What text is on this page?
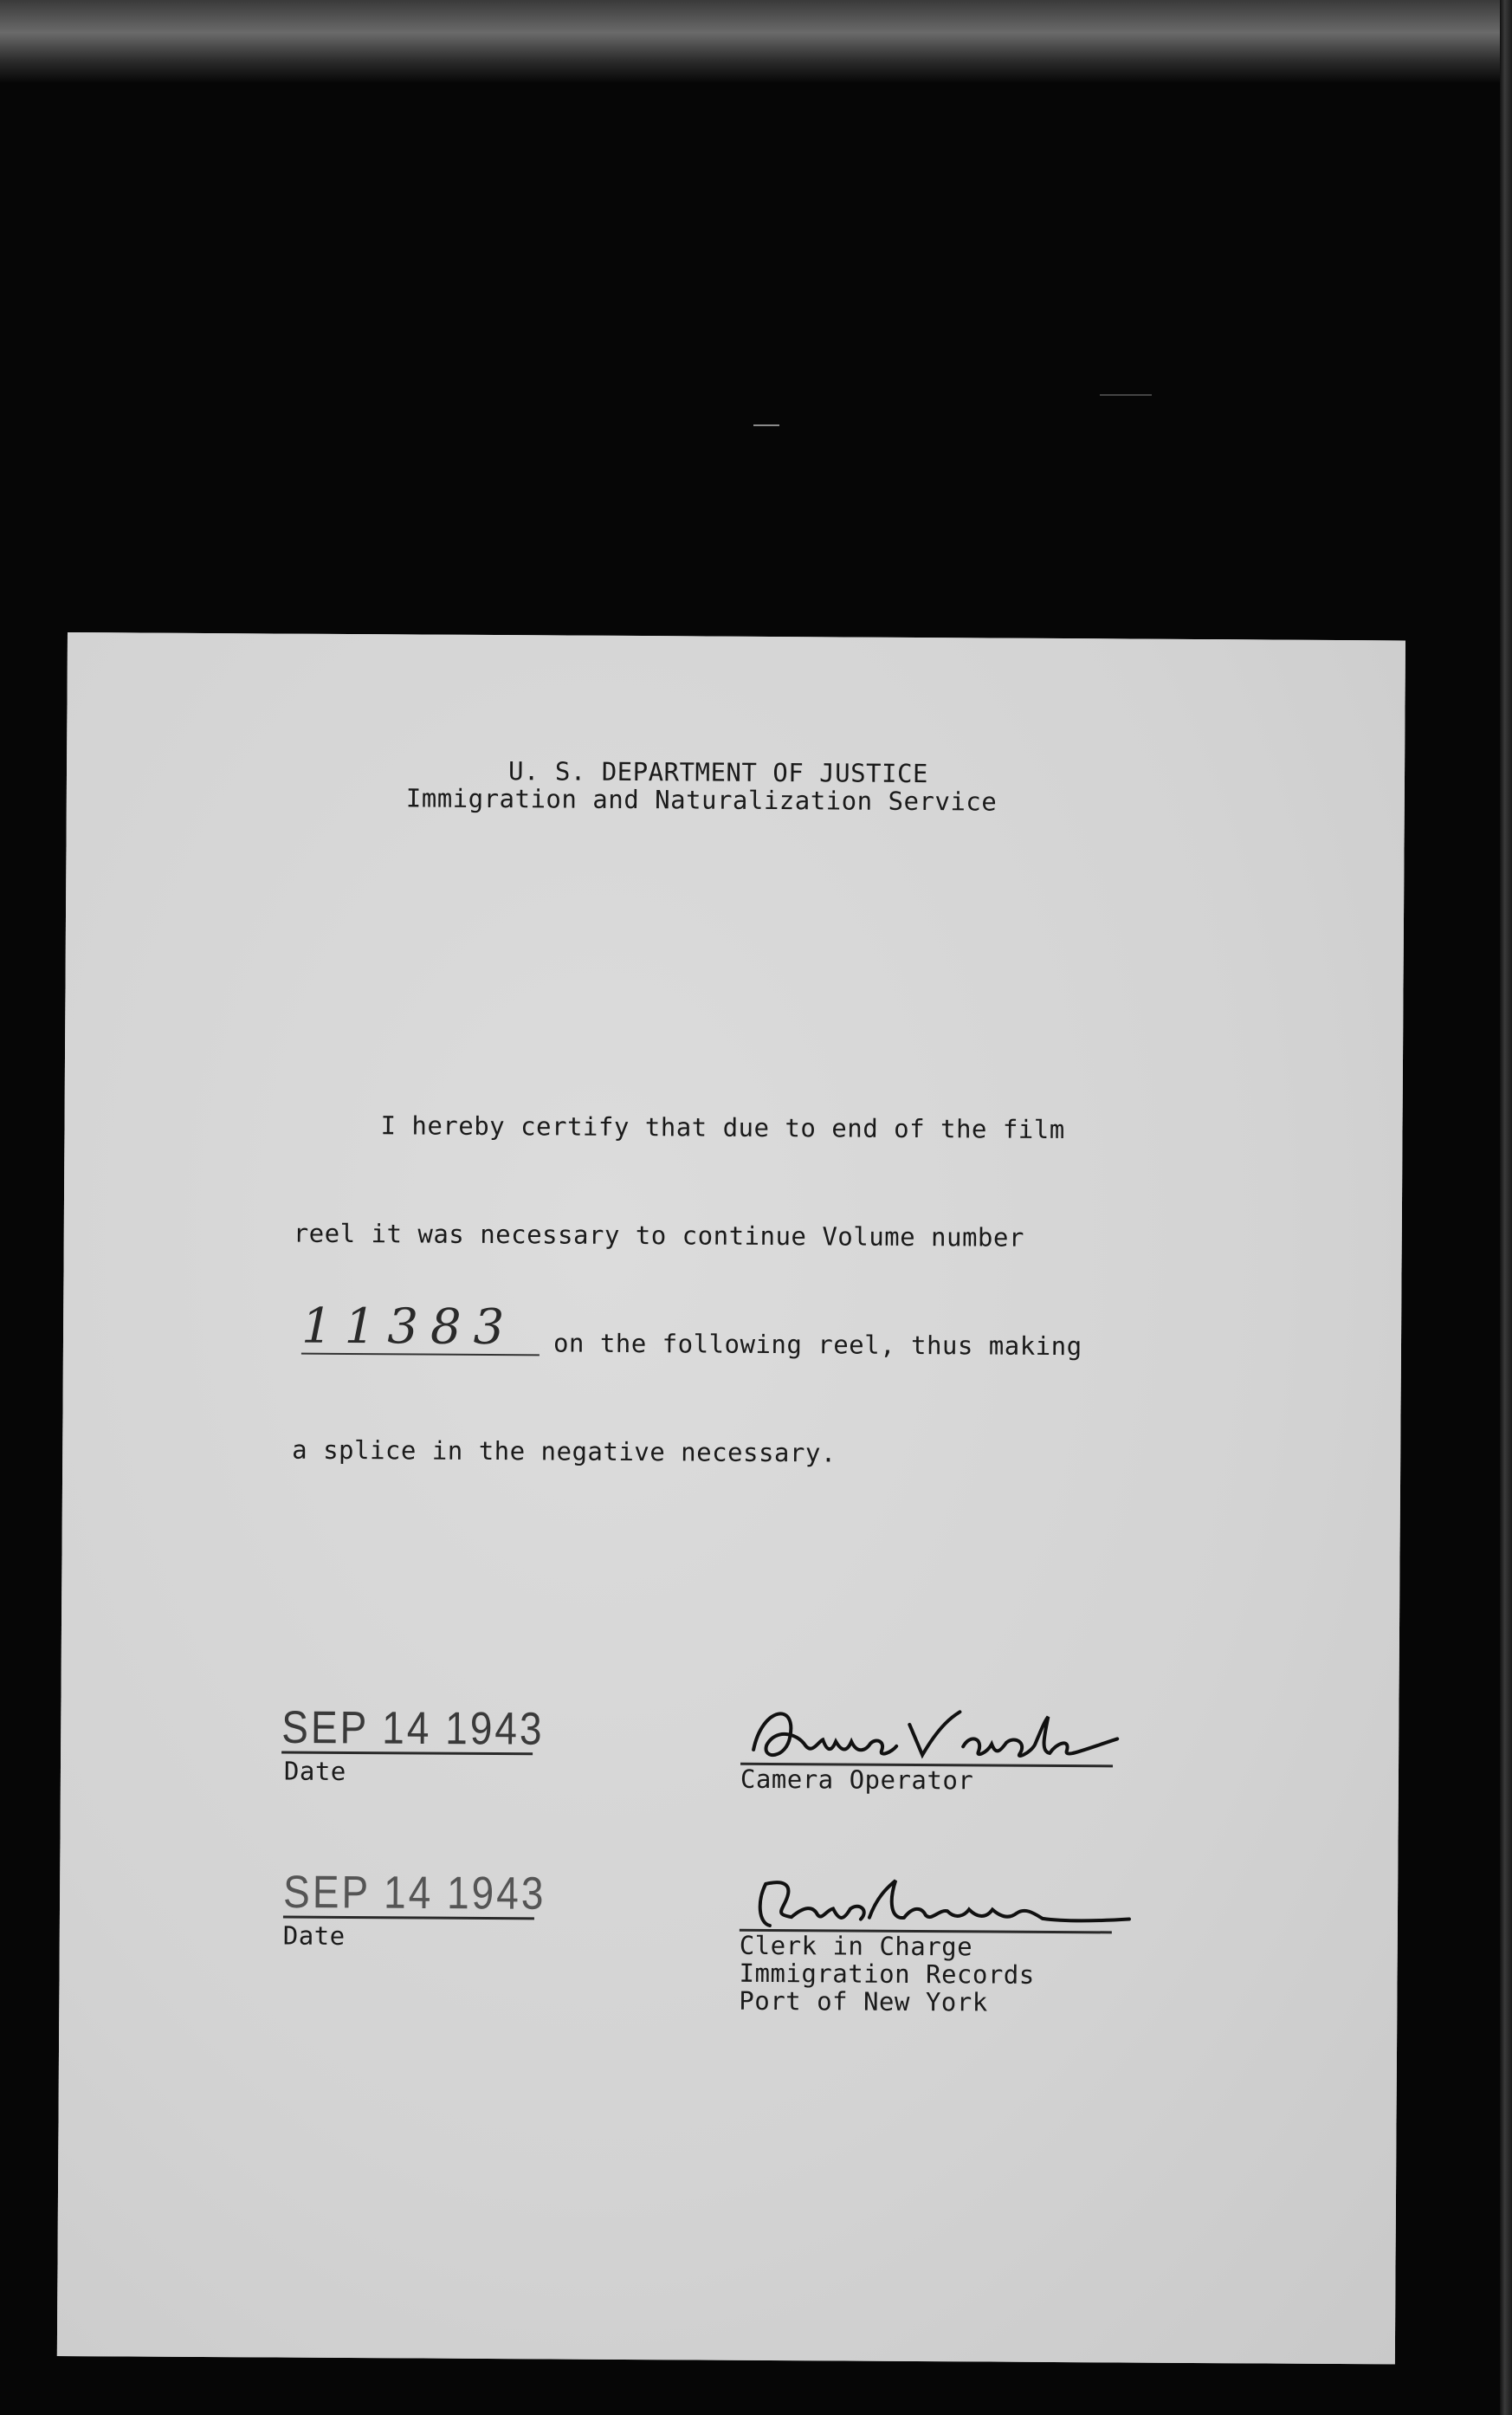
U. S. DEPARTMENT OF JUSTICE
Immigration and Naturalization Service
I hereby certify that due to end of the film
reel it was necessary to continue Volume number
11383	on the following reel, thus making
a splice in the negative necessary.
SEP 14 1943
Date
SEP 14 1943
Date
Camera Operator
Clerk in Charge
Immigration Records
Port of New York
